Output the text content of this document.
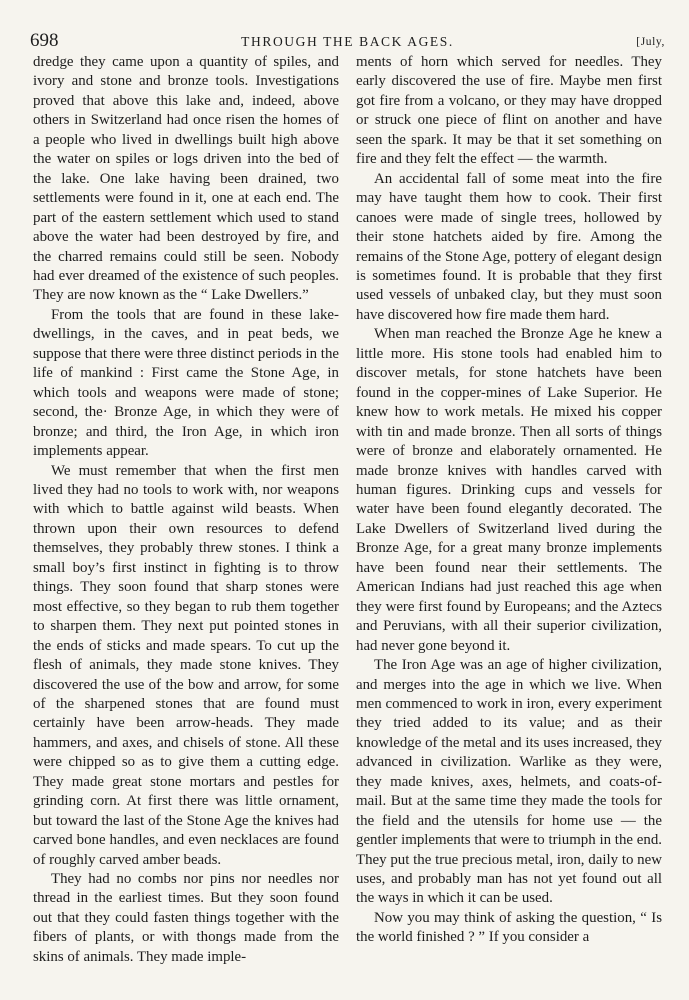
698	THROUGH THE BACK AGES.	[July,

dredge they came upon a quantity of spiles, and ivory and stone and bronze tools. Investigations proved that above this lake and, indeed, above others in Switzerland had once risen the homes of a people who lived in dwellings built high above the water on spiles or logs driven into the bed of the lake. One lake having been drained, two settlements were found in it, one at each end. The part of the eastern settlement which used to stand above the water had been destroyed by fire, and the charred remains could still be seen. Nobody had ever dreamed of the existence of such peoples. They are now known as the “ Lake Dwellers.”

From the tools that are found in these lake-dwellings, in the caves, and in peat beds, we suppose that there were three distinct periods in the life of mankind : First came the Stone Age, in which tools and weapons were made of stone; second, the· Bronze Age, in which they were of bronze; and third, the Iron Age, in which iron implements appear.

We must remember that when the first men lived they had no tools to work with, nor weapons with which to battle against wild beasts. When thrown upon their own resources to defend themselves, they probably threw stones. I think a small boy’s first instinct in fighting is to throw things. They soon found that sharp stones were most effective, so they began to rub them together to sharpen them. They next put pointed stones in the ends of sticks and made spears. To cut up the flesh of animals, they made stone knives. They discovered the use of the bow and arrow, for some of the sharpened stones that are found must certainly have been arrow-heads. They made hammers, and axes, and chisels of stone. All these were chipped so as to give them a cutting edge. They made great stone mortars and pestles for grinding corn. At first there was little ornament, but toward the last of the Stone Age the knives had carved bone handles, and even necklaces are found of roughly carved amber beads.

They had no combs nor pins nor needles nor thread in the earliest times. But they soon found out that they could fasten things together with the fibers of plants, or with thongs made from the skins of animals. They made imple-

ments of horn which served for needles. They early discovered the use of fire. Maybe men first got fire from a volcano, or they may have dropped or struck one piece of flint on another and have seen the spark. It may be that it set something on fire and they felt the effect — the warmth.

An accidental fall of some meat into the fire may have taught them how to cook. Their first canoes were made of single trees, hollowed by their stone hatchets aided by fire. Among the remains of the Stone Age, pottery of elegant design is sometimes found. It is probable that they first used vessels of unbaked clay, but they must soon have discovered how fire made them hard.

When man reached the Bronze Age he knew a little more. His stone tools had enabled him to discover metals, for stone hatchets have been found in the copper-mines of Lake Superior. He knew how to work metals. He mixed his copper with tin and made bronze. Then all sorts of things were of bronze and elaborately ornamented. He made bronze knives with handles carved with human figures. Drinking cups and vessels for water have been found elegantly decorated. The Lake Dwellers of Switzerland lived during the Bronze Age, for a great many bronze implements have been found near their settlements. The American Indians had just reached this age when they were first found by Europeans; and the Aztecs and Peruvians, with all their superior civilization, had never gone beyond it.

The Iron Age was an age of higher civilization, and merges into the age in which we live. When men commenced to work in iron, every experiment they tried added to its value; and as their knowledge of the metal and its uses increased, they advanced in civilization. Warlike as they were, they made knives, axes, helmets, and coats-of-mail. But at the same time they made the tools for the field and the utensils for home use — the gentler implements that were to triumph in the end. They put the true precious metal, iron, daily to new uses, and probably man has not yet found out all the ways in which it can be used.

Now you may think of asking the question, “ Is the world finished ? ” If you consider a
